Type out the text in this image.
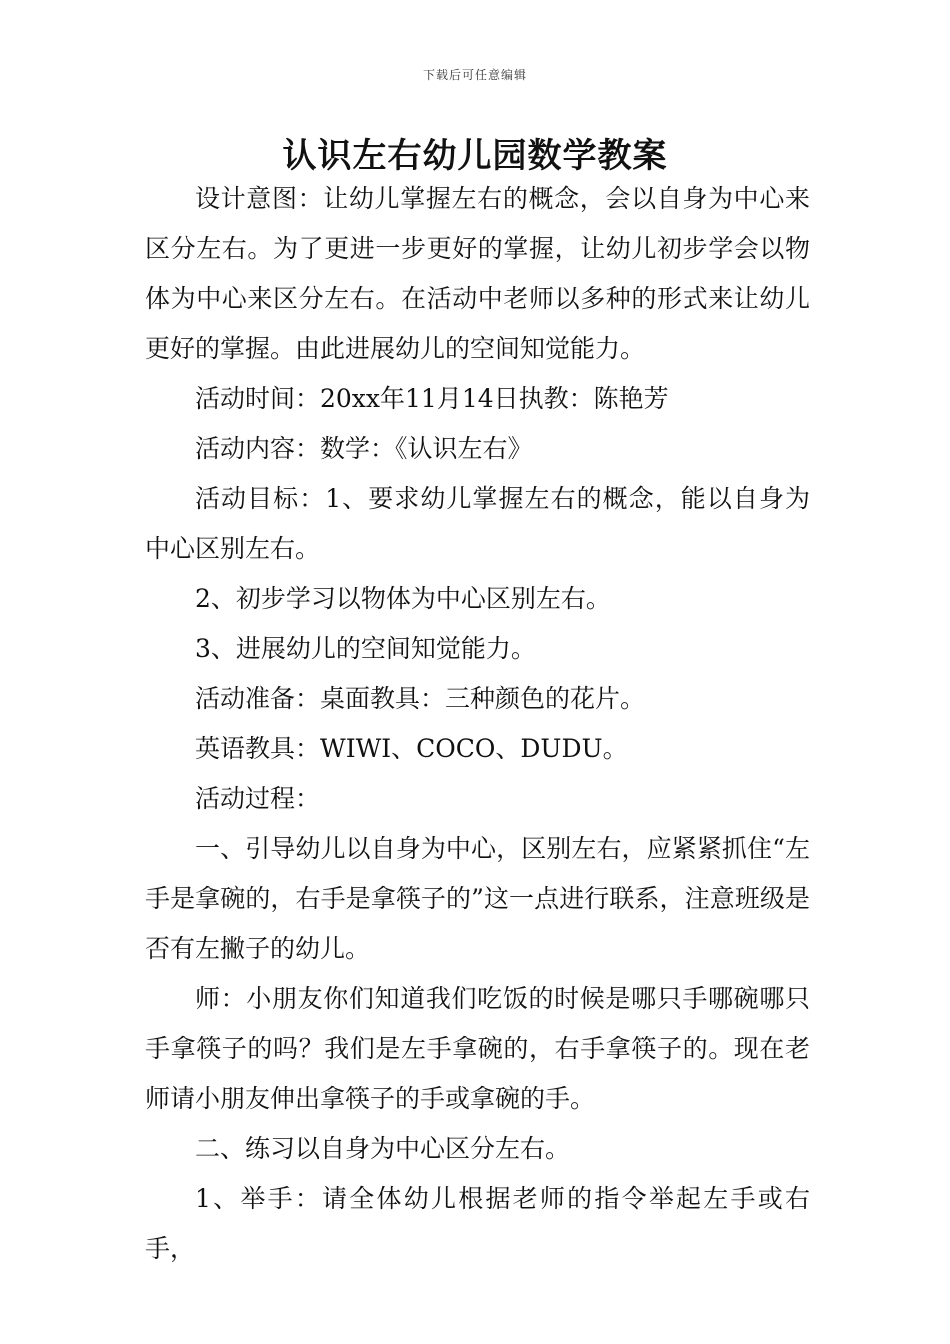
下载后可任意编辑
认识左右幼儿园数学教案

设计意图：让幼儿掌握左右的概念，会以自身为中心来区分左右。为了更进一步更好的掌握，让幼儿初步学会以物体为中心来区分左右。在活动中老师以多种的形式来让幼儿更好的掌握。由此进展幼儿的空间知觉能力。

活动时间：20xx年11月14日执教：陈艳芳

活动内容：数学：《认识左右》

活动目标：1、要求幼儿掌握左右的概念，能以自身为中心区别左右。

2、初步学习以物体为中心区别左右。

3、进展幼儿的空间知觉能力。

活动准备：桌面教具：三种颜色的花片。

英语教具：WIWI、COCO、DUDU。

活动过程：

一、引导幼儿以自身为中心，区别左右，应紧紧抓住“左手是拿碗的，右手是拿筷子的”这一点进行联系，注意班级是否有左撇子的幼儿。

师：小朋友你们知道我们吃饭的时候是哪只手哪碗哪只手拿筷子的吗？我们是左手拿碗的，右手拿筷子的。现在老师请小朋友伸出拿筷子的手或拿碗的手。

二、练习以自身为中心区分左右。

1、举手：请全体幼儿根据老师的指令举起左手或右手，
